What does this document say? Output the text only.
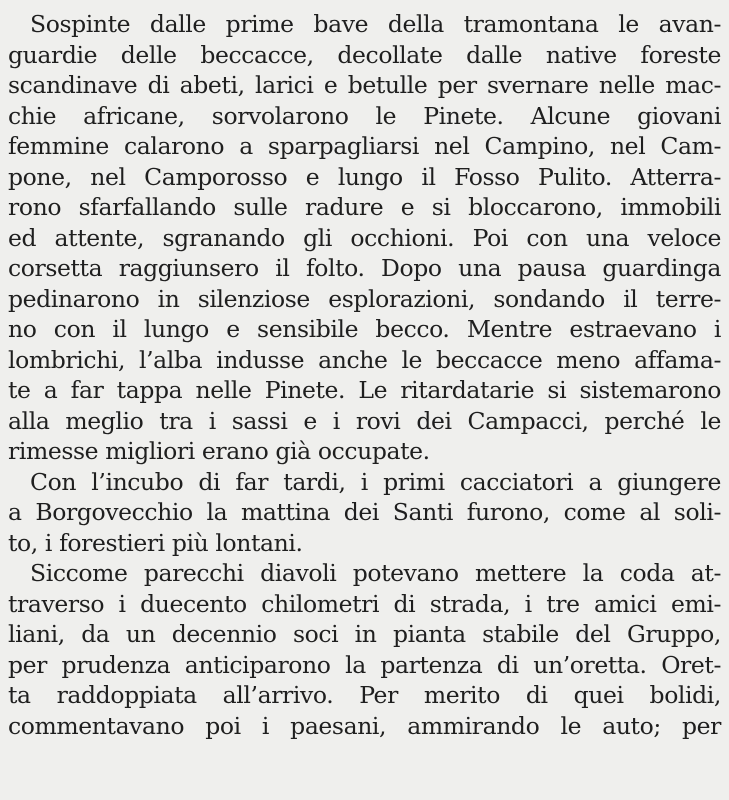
Sospinte dalle prime bave della tramontana le avan-
guardie delle beccacce, decollate dalle native foreste
scandinave di abeti, larici e betulle per svernare nelle mac-
chie africane, sorvolarono le Pinete. Alcune giovani
femmine calarono a sparpagliarsi nel Campino, nel Cam-
pone, nel Camporosso e lungo il Fosso Pulito. Atterra-
rono sfarfallando sulle radure e si bloccarono, immobili
ed attente, sgranando gli occhioni. Poi con una veloce
corsetta raggiunsero il folto. Dopo una pausa guardinga
pedinarono in silenziose esplorazioni, sondando il terre-
no con il lungo e sensibile becco. Mentre estraevano i
lombrichi, l’alba indusse anche le beccacce meno affama-
te a far tappa nelle Pinete. Le ritardatarie si sistemarono
alla meglio tra i sassi e i rovi dei Campacci, perché le
rimesse migliori erano già occupate.
Con l’incubo di far tardi, i primi cacciatori a giungere
a Borgovecchio la mattina dei Santi furono, come al soli-
to, i forestieri più lontani.
Siccome parecchi diavoli potevano mettere la coda at-
traverso i duecento chilometri di strada, i tre amici emi-
liani, da un decennio soci in pianta stabile del Gruppo,
per prudenza anticiparono la partenza di un’oretta. Oret-
ta raddoppiata all’arrivo. Per merito di quei bolidi,
commentavano poi i paesani, ammirando le auto; per
